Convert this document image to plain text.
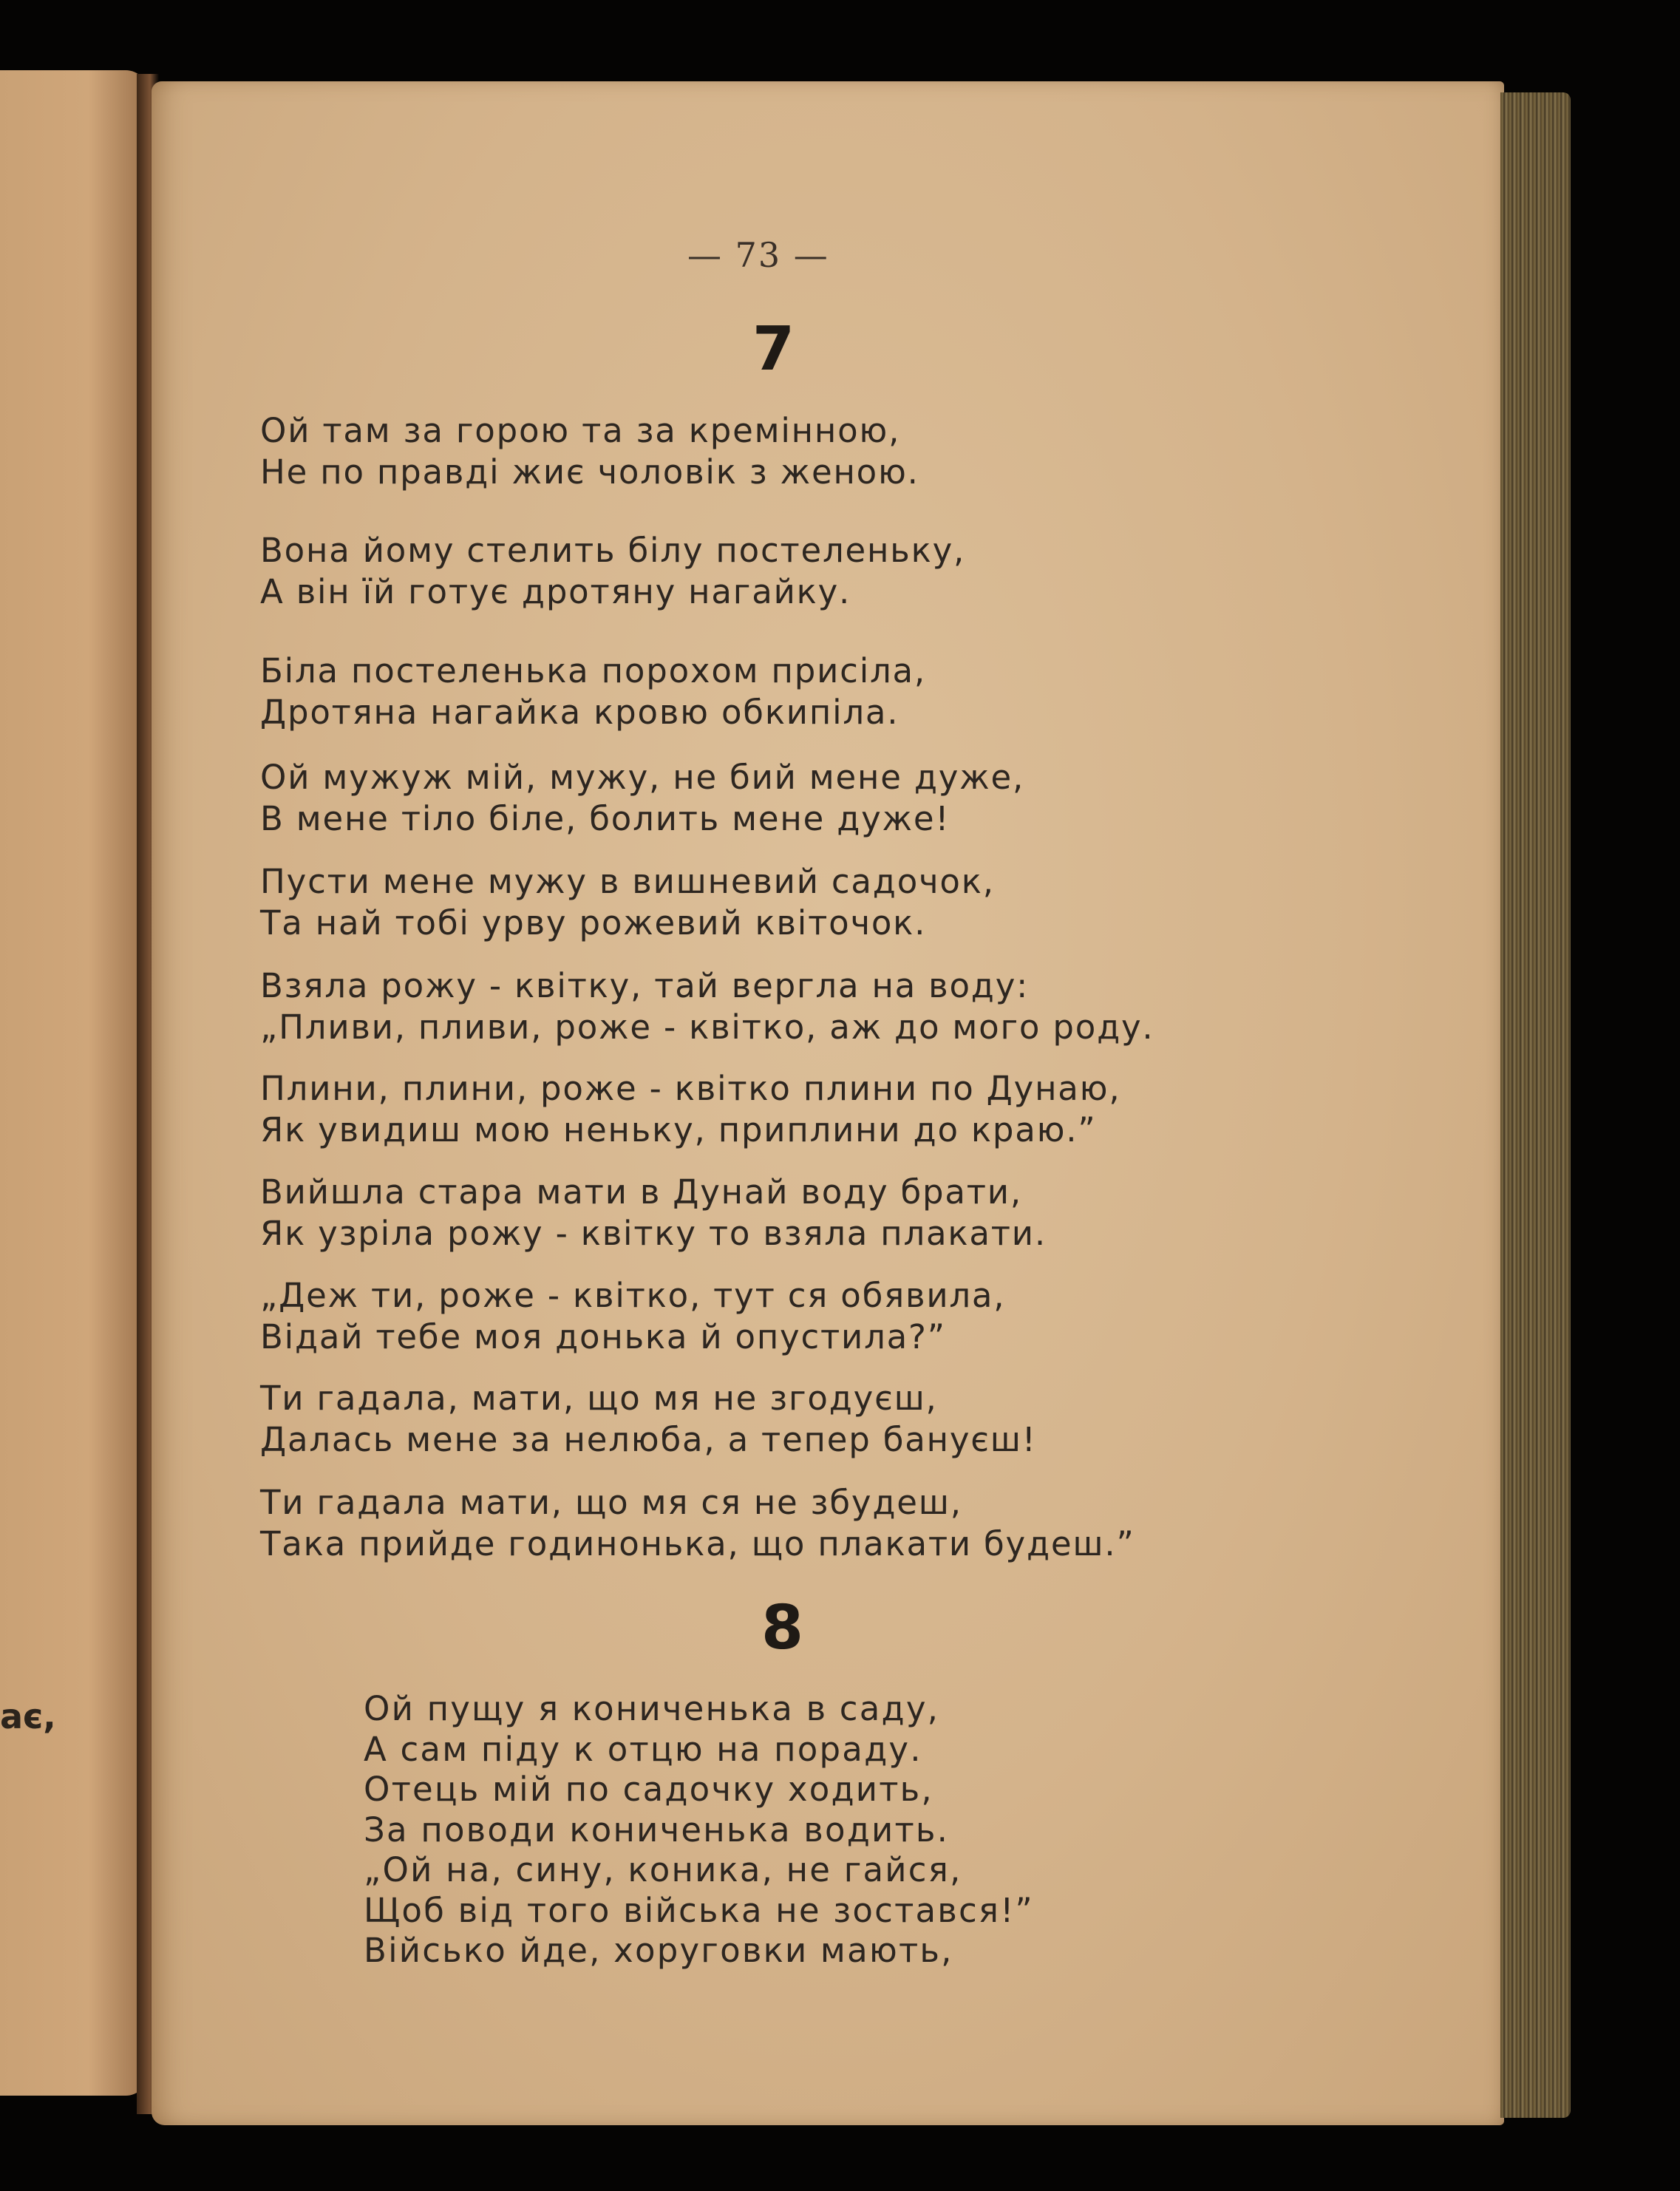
ає,
— 73 —
7
Ой там за горою та за кремінною,
Не по правді жиє чоловік з женою.
Вона йому стелить білу постеленьку,
А він їй готує дротяну нагайку.
Біла постеленька порохом присіла,
Дротяна нагайка кровю обкипіла.
Ой мужуж мій, мужу, не бий мене дуже,
В мене тіло біле, болить мене дуже!
Пусти мене мужу в вишневий садочок,
Та най тобі урву рожевий квіточок.
Взяла рожу - квітку, тай вергла на воду:
„Пливи, пливи, роже - квітко, аж до мого роду.
Плини, плини, роже - квітко плини по Дунаю,
Як увидиш мою неньку, приплини до краю.”
Вийшла стара мати в Дунай воду брати,
Як узріла рожу - квітку то взяла плакати.
„Деж ти, роже - квітко, тут ся обявила,
Відай тебе моя донька й опустила?”
Ти гадала, мати, що мя не згодуєш,
Далась мене за нелюба, а тепер бануєш!
Ти гадала мати, що мя ся не збудеш,
Така прийде годинонька, що плакати будеш.”
8
Ой пущу я кониченька в саду,
А сам піду к отцю на пораду.
Отець мій по садочку ходить,
За поводи кониченька водить.
„Ой на, сину, коника, не гайся,
Щоб від того війська не зостався!”
Військо йде, хоруговки мають,
